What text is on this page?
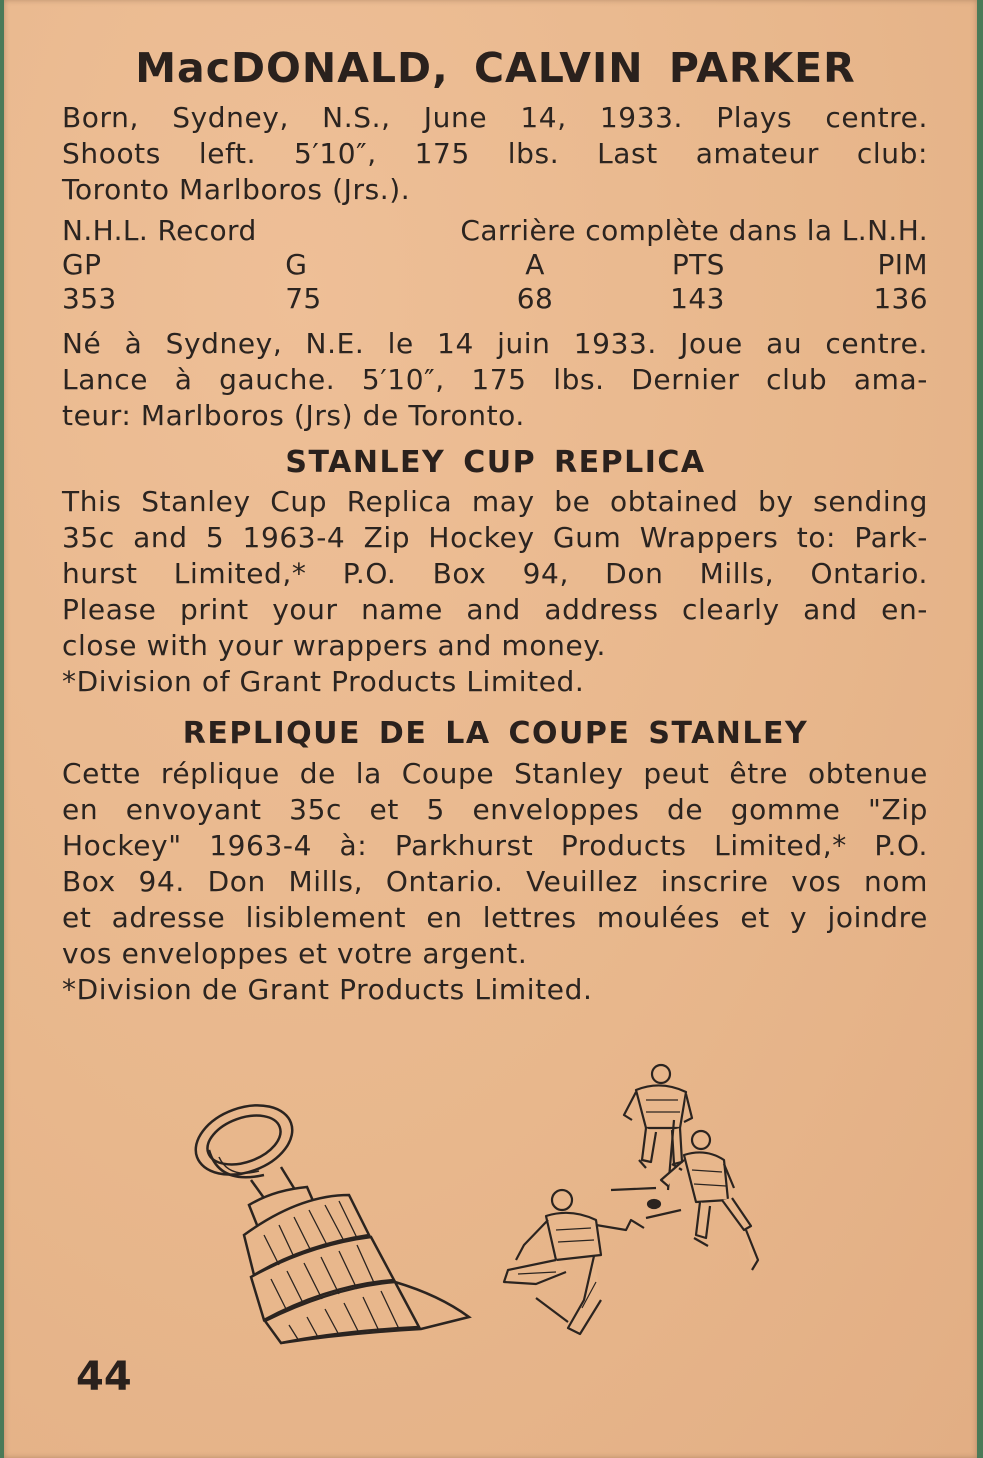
MacDONALD, CALVIN PARKER
Born, Sydney, N.S., June 14, 1933. Plays centre.
Shoots left. 5′10″, 175 lbs. Last amateur club:
Toronto Marlboros (Jrs.).
N.H.L. Record	Carrière complète dans la L.N.H.
GP	G	A	PTS	PIM
353	75	68	143	136
Né à Sydney, N.E. le 14 juin 1933. Joue au centre.
Lance à gauche. 5′10″, 175 lbs. Dernier club ama-
teur: Marlboros (Jrs) de Toronto.
STANLEY CUP REPLICA
This Stanley Cup Replica may be obtained by sending
35c and 5 1963-4 Zip Hockey Gum Wrappers to: Park-
hurst Limited,* P.O. Box 94, Don Mills, Ontario.
Please print your name and address clearly and en-
close with your wrappers and money.
*Division of Grant Products Limited.
REPLIQUE DE LA COUPE STANLEY
Cette réplique de la Coupe Stanley peut être obtenue
en envoyant 35c et 5 enveloppes de gomme "Zip
Hockey" 1963-4 à: Parkhurst Products Limited,* P.O.
Box 94. Don Mills, Ontario. Veuillez inscrire vos nom
et adresse lisiblement en lettres moulées et y joindre
vos enveloppes et votre argent.
*Division de Grant Products Limited.
44
